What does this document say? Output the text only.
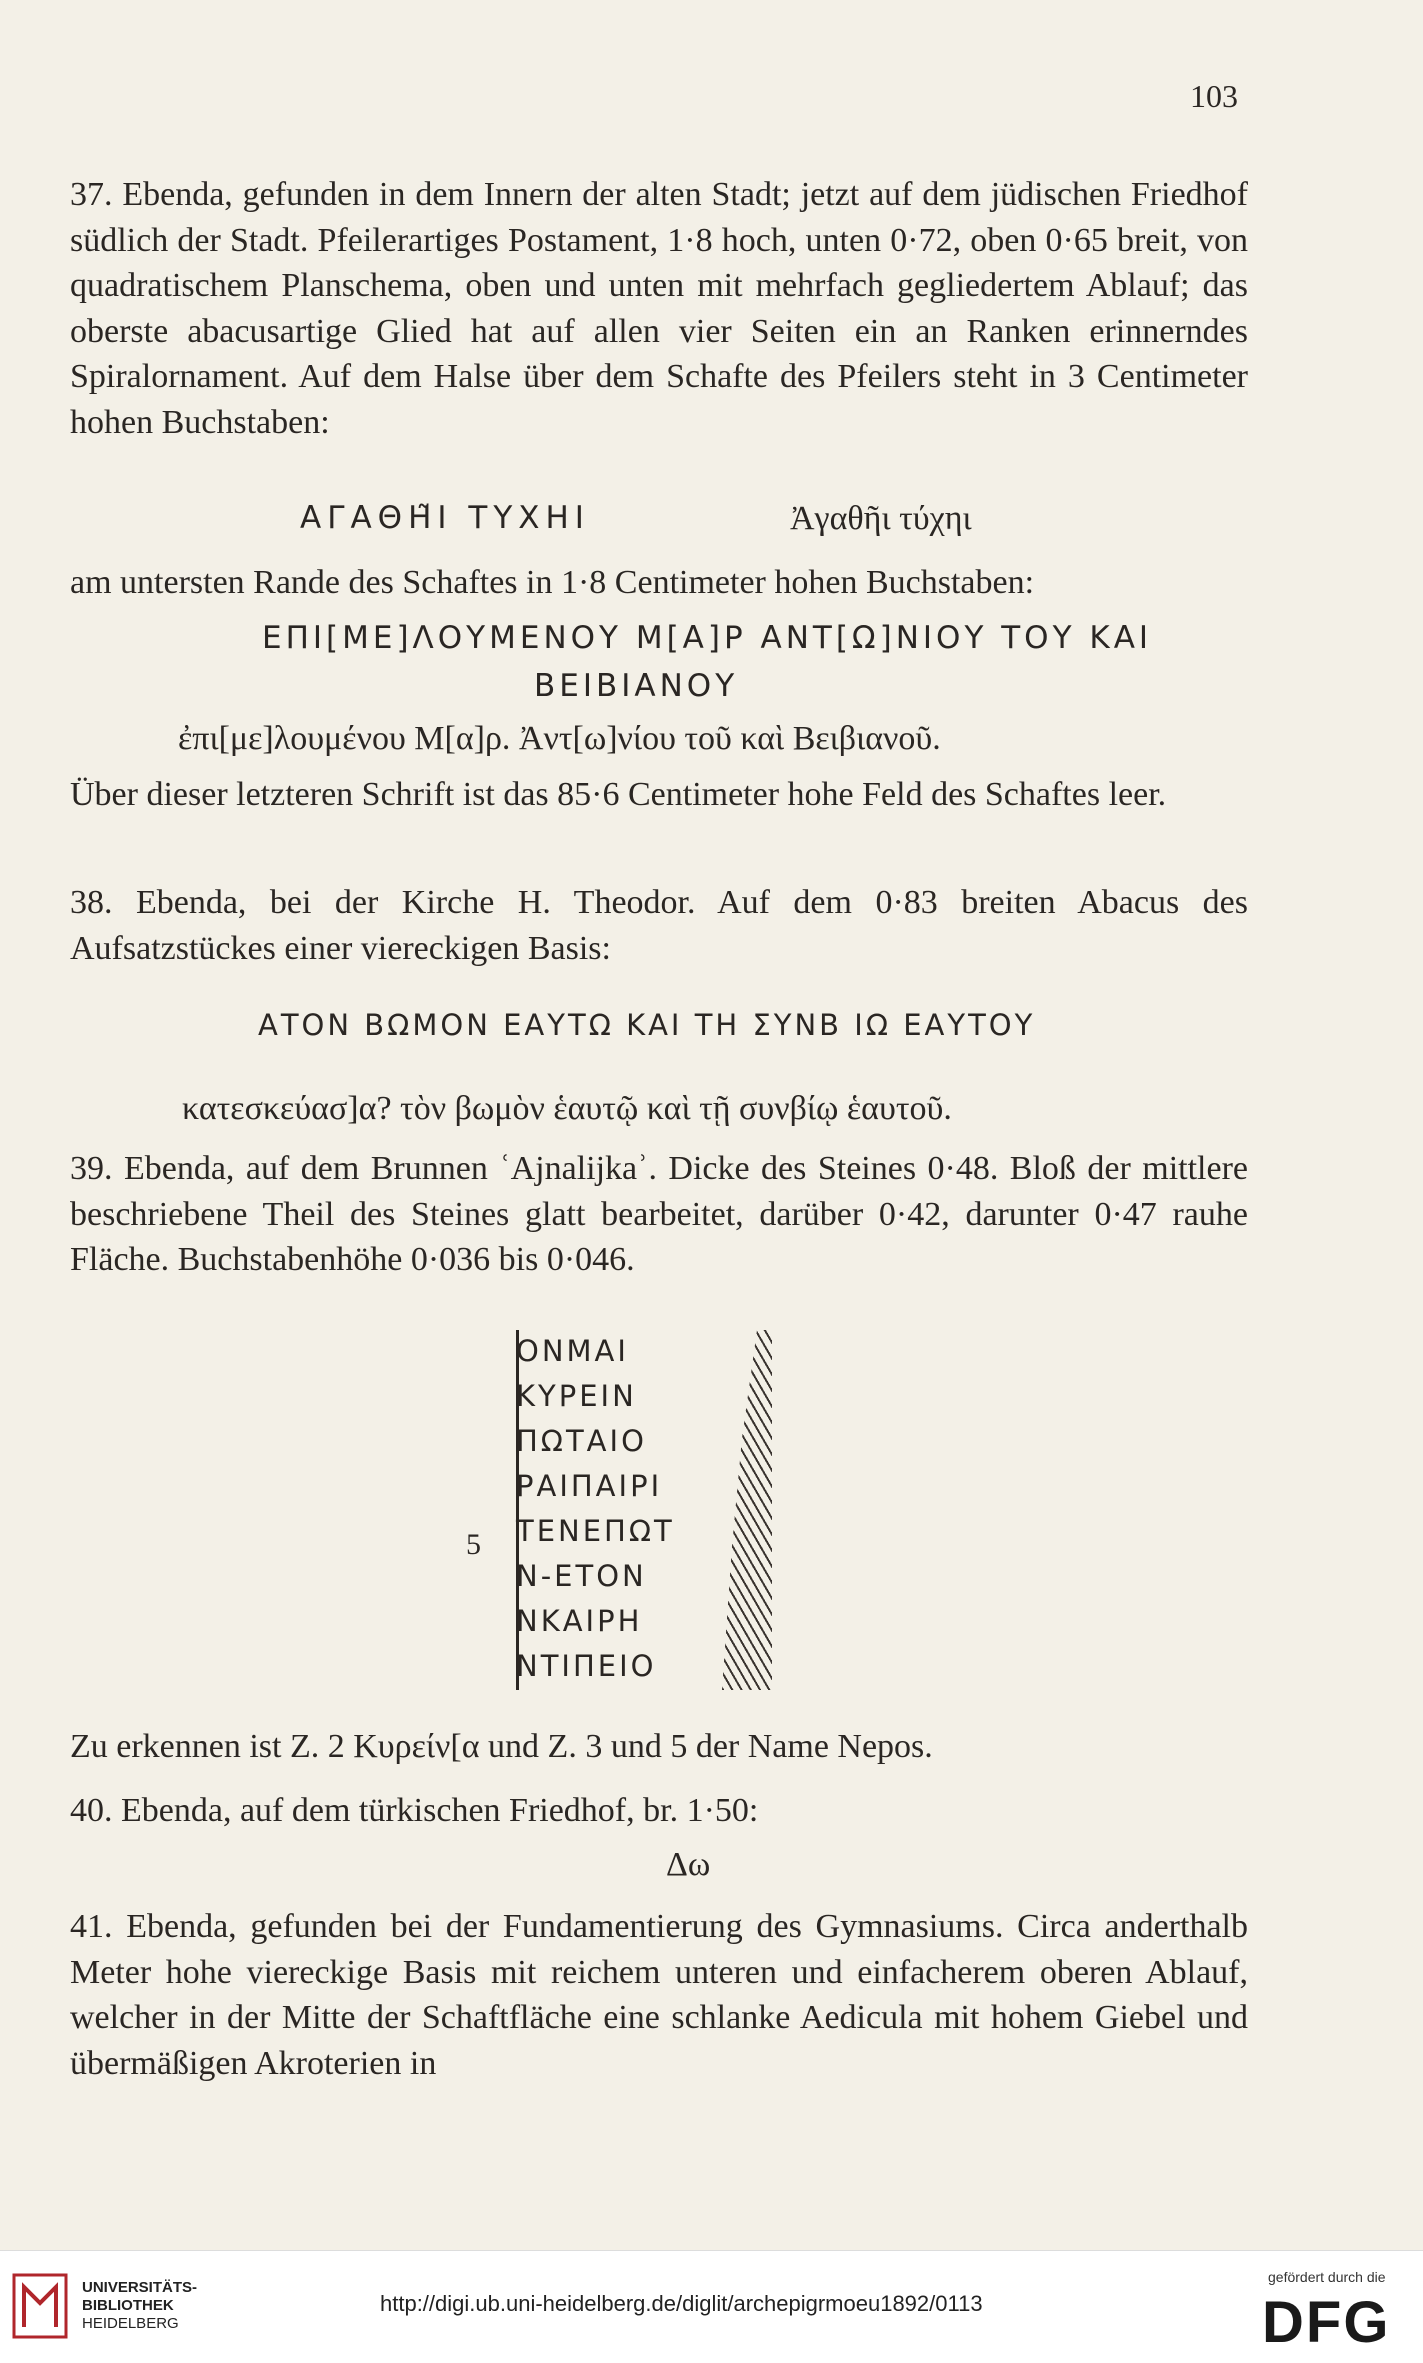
103
37. Ebenda, gefunden in dem Innern der alten Stadt; jetzt auf dem jüdischen Friedhof südlich der Stadt. Pfeilerartiges Postament, 1·8 hoch, unten 0·72, oben 0·65 breit, von quadratischem Planschema, oben und unten mit mehrfach gegliedertem Ablauf; das oberste abacusartige Glied hat auf allen vier Seiten ein an Ranken erinnerndes Spiralornament. Auf dem Halse über dem Schafte des Pfeilers steht in 3 Centimeter hohen Buchstaben:
ΑΓΑΘΗ͂Ι ΤΥΧΗΙ	Ἀγαθῆι τύχηι
am untersten Rande des Schaftes in 1·8 Centimeter hohen Buchstaben:
ΕΠΙ[ΜΕ]ΛΟΥΜΕΝΟΥ Μ[Α]Ρ ΑΝΤ[Ω]ΝΙΟΥ ΤΟΥ ΚΑΙ
ΒΕΙΒΙΑΝΟΥ
ἐπι[με]λουμένου Μ[α]ρ. Ἀντ[ω]νίου τοῦ καὶ Βειβιανοῦ.
Über dieser letzteren Schrift ist das 85·6 Centimeter hohe Feld des Schaftes leer.
38. Ebenda, bei der Kirche H. Theodor. Auf dem 0·83 breiten Abacus des Aufsatzstückes einer viereckigen Basis:
ΑΤΟΝ ΒΩΜΟΝ ΕΑΥΤΩ ΚΑΙ ΤΗ ΣΥΝΒ ΙΩ ΕΑΥΤΟΥ
κατεσκεύασ]α? τὸν βωμὸν ἑαυτῷ καὶ τῇ συνβίῳ ἑαυτοῦ.
39. Ebenda, auf dem Brunnen ʿAjnalijkaʾ. Dicke des Steines 0·48. Bloß der mittlere beschriebene Theil des Steines glatt bearbeitet, darüber 0·42, darunter 0·47 rauhe Fläche. Buchstabenhöhe 0·036 bis 0·046.
ΟΝΜΑΙ
ΚΥΡΕΙΝ
ΠΩΤΑΙΟ
ΡΑΙΠΑΙΡΙ
ΤΕΝΕΠΩΤ
Ν-ΕΤΟΝ
ΝΚΑΙΡΗ
ΝΤΙΠΕΙΟ
5
Zu erkennen ist Z. 2 Κυρείν[α und Z. 3 und 5 der Name Nepos.
40. Ebenda, auf dem türkischen Friedhof, br. 1·50:
Δω
41. Ebenda, gefunden bei der Fundamentierung des Gymnasiums. Circa anderthalb Meter hohe viereckige Basis mit reichem unteren und einfacherem oberen Ablauf, welcher in der Mitte der Schaftfläche eine schlanke Aedicula mit hohem Giebel und übermäßigen Akroterien in
UNIVERSITÄTS-
BIBLIOTHEK
HEIDELBERG
http://digi.ub.uni-heidelberg.de/diglit/archepigrmoeu1892/0113
gefördert durch die
DFG
